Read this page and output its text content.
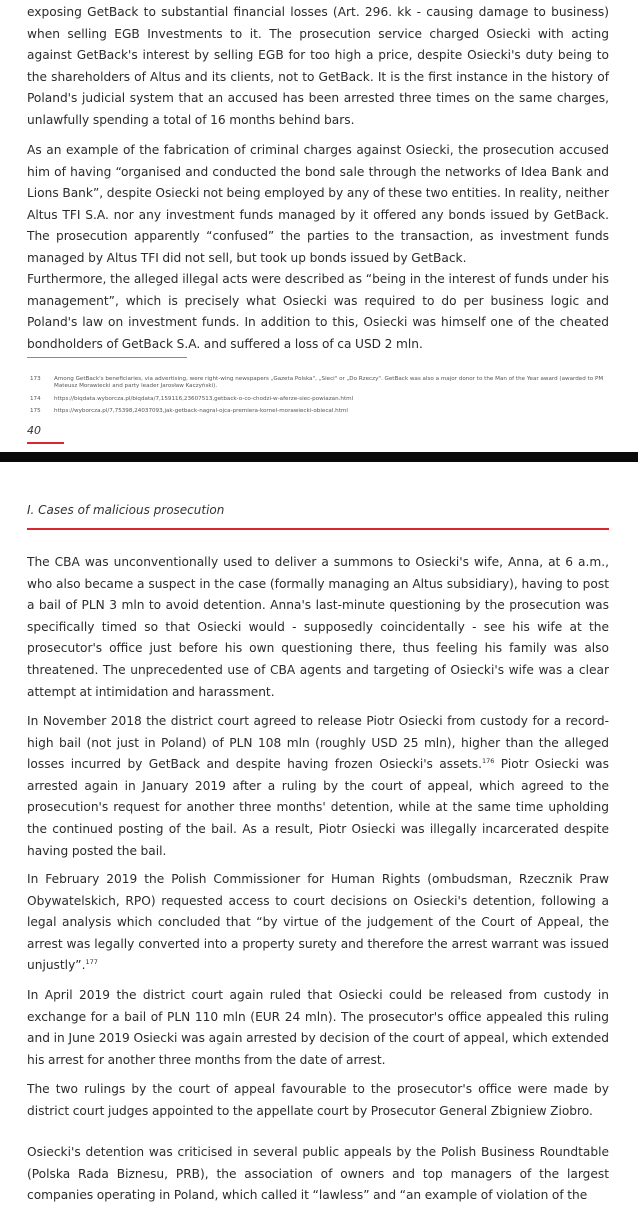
exposing GetBack to substantial financial losses (Art. 296. kk - causing damage to business) when selling EGB Investments to it. The prosecution service charged Osiecki with acting against GetBack's interest by selling EGB for too high a price, despite Osiecki's duty being to the shareholders of Altus and its clients, not to GetBack. It is the first instance in the history of Poland's judicial system that an accused has been arrested three times on the same charges, unlawfully spending a total of 16 months behind bars.

As an example of the fabrication of criminal charges against Osiecki, the prosecution accused him of having “organised and conducted the bond sale through the networks of Idea Bank and Lions Bank”, despite Osiecki not being employed by any of these two entities. In reality, neither Altus TFI S.A. nor any investment funds managed by it offered any bonds issued by GetBack. The prosecution apparently “confused” the parties to the transaction, as investment funds managed by Altus TFI did not sell, but took up bonds issued by GetBack.

Furthermore, the alleged illegal acts were described as “being in the interest of funds under his management”, which is precisely what Osiecki was required to do per business logic and Poland's law on investment funds. In addition to this, Osiecki was himself one of the cheated bondholders of GetBack S.A. and suffered a loss of ca USD 2 mln.

173 Among GetBack's beneficiaries, via advertising, were right-wing newspapers „Gazeta Polska", „Sieci" or „Do Rzeczy". GetBack was also a major donor to the Man of the Year award (awarded to PM Mateusz Morawiecki and party leader Jarosław Kaczyński).
174 https://biqdata.wyborcza.pl/biqdata/7,159116,23607513,getback-o-co-chodzi-w-aferze-siec-powiazan.html
175 https://wyborcza.pl/7,75398,24037093,jak-getback-nagral-ojca-premiera-kornel-morawiecki-obiecal.html
40
I. Cases of malicious prosecution

The CBA was unconventionally used to deliver a summons to Osiecki's wife, Anna, at 6 a.m., who also became a suspect in the case (formally managing an Altus subsidiary), having to post a bail of PLN 3 mln to avoid detention. Anna's last-minute questioning by the prosecution was specifically timed so that Osiecki would - supposedly coincidentally - see his wife at the prosecutor's office just before his own questioning there, thus feeling his family was also threatened. The unprecedented use of CBA agents and targeting of Osiecki's wife was a clear attempt at intimidation and harassment.

In November 2018 the district court agreed to release Piotr Osiecki from custody for a record-high bail (not just in Poland) of PLN 108 mln (roughly USD 25 mln), higher than the alleged losses incurred by GetBack and despite having frozen Osiecki's assets.$^{176}$ Piotr Osiecki was arrested again in January 2019 after a ruling by the court of appeal, which agreed to the prosecution's request for another three months' detention, while at the same time upholding the continued posting of the bail. As a result, Piotr Osiecki was illegally incarcerated despite having posted the bail.

In February 2019 the Polish Commissioner for Human Rights (ombudsman, Rzecznik Praw Obywatelskich, RPO) requested access to court decisions on Osiecki's detention, following a legal analysis which concluded that “by virtue of the judgement of the Court of Appeal, the arrest was legally converted into a property surety and therefore the arrest warrant was issued unjustly”.$^{177}$

In April 2019 the district court again ruled that Osiecki could be released from custody in exchange for a bail of PLN 110 mln (EUR 24 mln). The prosecutor's office appealed this ruling and in June 2019 Osiecki was again arrested by decision of the court of appeal, which extended his arrest for another three months from the date of arrest.

The two rulings by the court of appeal favourable to the prosecutor's office were made by district court judges appointed to the appellate court by Prosecutor General Zbigniew Ziobro.

Osiecki's detention was criticised in several public appeals by the Polish Business Roundtable (Polska Rada Biznesu, PRB), the association of owners and top managers of the largest companies operating in Poland, which called it “lawless” and “an example of violation of the
